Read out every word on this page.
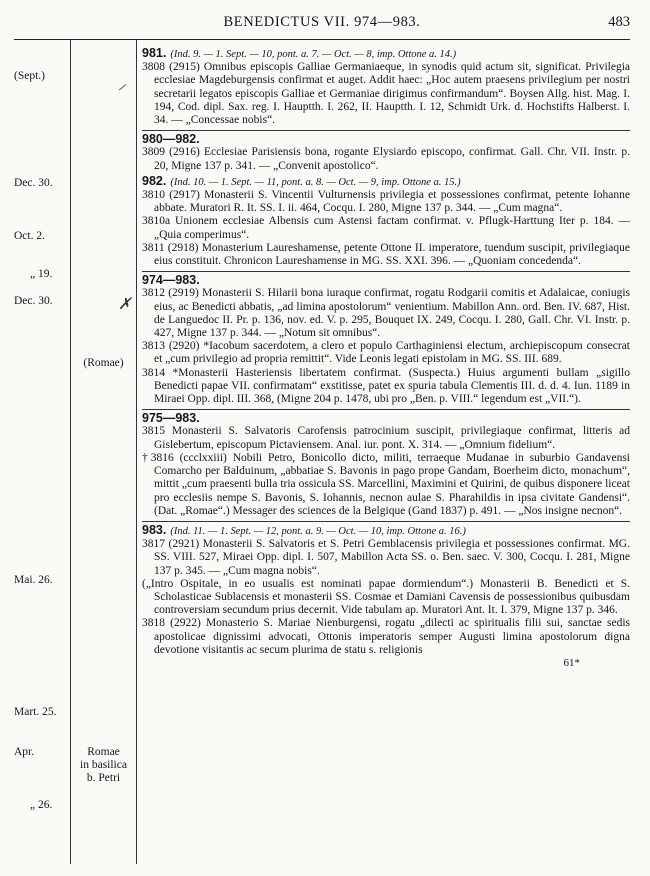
BENEDICTUS VII. 974—983.	483
(Sept.)
Dec. 30.
Oct. 2.
„ 19.
Dec. 30.
Mai. 26.
Mart. 25.
Apr.
„ 26.
(Romae)
Romae
in basilica
b. Petri
⸝
✗
981. (Ind. 9. — 1. Sept. — 10, pont. a. 7. — Oct. — 8, imp. Ottone a. 14.)

3808 (2915) Omnibus episcopis Galliae Germaniaeque, in synodis quid actum sit, significat. Privilegia ecclesiae Magdeburgensis confirmat et auget. Addit haec: „Hoc autem praesens privilegium per nostri secretarii legatos episcopis Galliae et Germaniae dirigimus confirmandum“. Boysen Allg. hist. Mag. I. 194, Cod. dipl. Sax. reg. I. Hauptth. I. 262, II. Hauptth. I. 12, Schmidt Urk. d. Hochstifts Halberst. I. 34. — „Concessae nobis“.

980—982.

3809 (2916) Ecclesiae Parisiensis bona, rogante Elysiardo episcopo, confirmat. Gall. Chr. VII. Instr. p. 20, Migne 137 p. 341. — „Convenit apostolico“.

982. (Ind. 10. — 1. Sept. — 11, pont. a. 8. — Oct. — 9, imp. Ottone a. 15.)

3810 (2917) Monasterii S. Vincentii Vulturnensis privilegia et possessiones confirmat, petente Iohanne abbate. Muratori R. It. SS. I. ii. 464, Cocqu. I. 280, Migne 137 p. 344. — „Cum magna“.

3810a Unionem ecclesiae Albensis cum Astensi factam confirmat. v. Pflugk-Harttung Iter p. 184. — „Quia comperimus“.

3811 (2918) Monasterium Laureshamense, petente Ottone II. imperatore, tuendum suscipit, privilegiaque eius constituit. Chronicon Laureshamense in MG. SS. XXI. 396. — „Quoniam concedenda“.

974—983.

3812 (2919) Monasterii S. Hilarii bona iuraque confirmat, rogatu Rodgarii comitis et Adalaicae, coniugis eius, ac Benedicti abbatis, „ad limina apostolorum“ venientium. Mabillon Ann. ord. Ben. IV. 687, Hist. de Languedoc II. Pr. p. 136, nov. ed. V. p. 295, Bouquet IX. 249, Cocqu. I. 280, Gall. Chr. VI. Instr. p. 427, Migne 137 p. 344. — „Notum sit omnibus“.

3813 (2920) *Iacobum sacerdotem, a clero et populo Carthaginiensi electum, archiepiscopum consecrat et „cum privilegio ad propria remittit“. Vide Leonis legati epistolam in MG. SS. III. 689.

3814 *Monasterii Hasteriensis libertatem confirmat. (Suspecta.) Huius argumenti bullam „sigillo Benedicti papae VII. confirmatam“ exstitisse, patet ex spuria tabula Clementis III. d. d. 4. Iun. 1189 in Miraei Opp. dipl. III. 368, (Migne 204 p. 1478, ubi pro „Ben. p. VIII.“ legendum est „VII.“).

975—983.

3815 Monasterii S. Salvatoris Carofensis patrocinium suscipit, privilegiaque confirmat, litteris ad Gislebertum, episcopum Pictaviensem. Anal. iur. pont. X. 314. — „Omnium fidelium“.

†3816 (ccclxxiii) Nobili Petro, Bonicollo dicto, militi, terraeque Mudanae in suburbio Gandavensi Comarcho per Balduinum, „abbatiae S. Bavonis in pago prope Gandam, Boerheim dicto, monachum“, mittit „cum praesenti bulla tria ossicula SS. Marcellini, Maximini et Quirini, de quibus disponere liceat pro ecclesiis nempe S. Bavonis, S. Iohannis, necnon aulae S. Pharahildis in ipsa civitate Gandensi“. (Dat. „Romae“.) Messager des sciences de la Belgique (Gand 1837) p. 491. — „Nos insigne necnon“.

983. (Ind. 11. — 1. Sept. — 12, pont. a. 9. — Oct. — 10, imp. Ottone a. 16.)

3817 (2921) Monasterii S. Salvatoris et S. Petri Gemblacensis privilegia et possessiones confirmat. MG. SS. VIII. 527, Miraei Opp. dipl. I. 507, Mabillon Acta SS. o. Ben. saec. V. 300, Cocqu. I. 281, Migne 137 p. 345. — „Cum magna nobis“.

(„Intro Ospitale, in eo usualis est nominati papae dormiendum“.) Monasterii B. Benedicti et S. Scholasticae Sublacensis et monasterii SS. Cosmae et Damiani Cavensis de possessionibus quibusdam controversiam secundum prius decernit. Vide tabulam ap. Muratori Ant. It. I. 379, Migne 137 p. 346.

3818 (2922) Monasterio S. Mariae Nienburgensi, rogatu „dilecti ac spiritualis filii sui, sanctae sedis apostolicae dignissimi advocati, Ottonis imperatoris semper Augusti limina apostolorum digna devotione visitantis ac secum plurima de statu s. religionis

61*
